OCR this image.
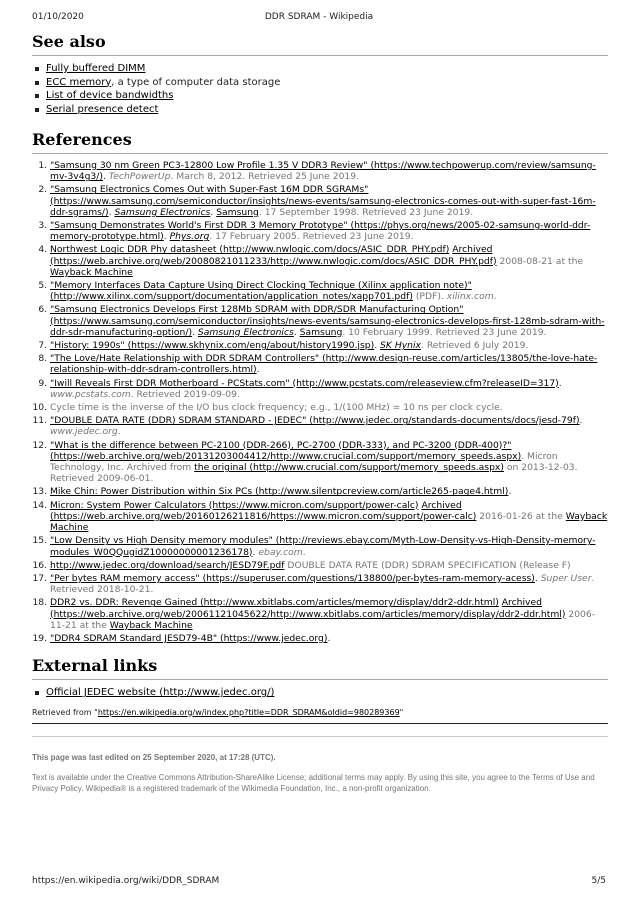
01/10/2020	DDR SDRAM - Wikipedia
See also
Fully buffered DIMM
ECC memory, a type of computer data storage
List of device bandwidths
Serial presence detect
References
1. "Samsung 30 nm Green PC3-12800 Low Profile 1.35 V DDR3 Review" (https://www.techpowerup.com/review/samsung-mv-3v4g3/). TechPowerUp. March 8, 2012. Retrieved 25 June 2019.
2. "Samsung Electronics Comes Out with Super-Fast 16M DDR SGRAMs" (https://www.samsung.com/semiconductor/insights/news-events/samsung-electronics-comes-out-with-super-fast-16m-ddr-sgrams/). Samsung Electronics. Samsung. 17 September 1998. Retrieved 23 June 2019.
3. "Samsung Demonstrates World's First DDR 3 Memory Prototype" (https://phys.org/news/2005-02-samsung-world-ddr-memory-prototype.html). Phys.org. 17 February 2005. Retrieved 23 June 2019.
4. Northwest Logic DDR Phy datasheet (http://www.nwlogic.com/docs/ASIC_DDR_PHY.pdf) Archived (https://web.archive.org/web/20080821011233/http://www.nwlogic.com/docs/ASIC_DDR_PHY.pdf) 2008-08-21 at the Wayback Machine
5. "Memory Interfaces Data Capture Using Direct Clocking Technique (Xilinx application note)" (http://www.xilinx.com/support/documentation/application_notes/xapp701.pdf) (PDF). xilinx.com.
6. "Samsung Electronics Develops First 128Mb SDRAM with DDR/SDR Manufacturing Option" (https://www.samsung.com/semiconductor/insights/news-events/samsung-electronics-develops-first-128mb-sdram-with-ddr-sdr-manufacturing-option/). Samsung Electronics. Samsung. 10 February 1999. Retrieved 23 June 2019.
7. "History: 1990s" (https://www.skhynix.com/eng/about/history1990.jsp). SK Hynix. Retrieved 6 July 2019.
8. "The Love/Hate Relationship with DDR SDRAM Controllers" (http://www.design-reuse.com/articles/13805/the-love-hate-relationship-with-ddr-sdram-controllers.html).
9. "Iwill Reveals First DDR Motherboard - PCStats.com" (http://www.pcstats.com/releaseview.cfm?releaseID=317). www.pcstats.com. Retrieved 2019-09-09.
10. Cycle time is the inverse of the I/O bus clock frequency; e.g., 1/(100 MHz) = 10 ns per clock cycle.
11. "DOUBLE DATA RATE (DDR) SDRAM STANDARD - JEDEC" (http://www.jedec.org/standards-documents/docs/jesd-79f). www.jedec.org.
12. "What is the difference between PC-2100 (DDR-266), PC-2700 (DDR-333), and PC-3200 (DDR-400)?" (https://web.archive.org/web/20131203004412/http://www.crucial.com/support/memory_speeds.aspx). Micron Technology, Inc. Archived from the original (http://www.crucial.com/support/memory_speeds.aspx) on 2013-12-03. Retrieved 2009-06-01.
13. Mike Chin: Power Distribution within Six PCs (http://www.silentpcreview.com/article265-page4.html).
14. Micron: System Power Calculators (https://www.micron.com/support/power-calc) Archived (https://web.archive.org/web/20160126211816/https://www.micron.com/support/power-calc) 2016-01-26 at the Wayback Machine
15. "Low Density vs High Density memory modules" (http://reviews.ebay.com/Myth-Low-Density-vs-High-Density-memory-modules_W0QQugidZ10000000001236178). ebay.com.
16. http://www.jedec.org/download/search/JESD79F.pdf DOUBLE DATA RATE (DDR) SDRAM SPECIFICATION (Release F)
17. "Per bytes RAM memory access" (https://superuser.com/questions/138800/per-bytes-ram-memory-acess). Super User. Retrieved 2018-10-21.
18. DDR2 vs. DDR: Revenge Gained (http://www.xbitlabs.com/articles/memory/display/ddr2-ddr.html) Archived (https://web.archive.org/web/20061121045622/http://www.xbitlabs.com/articles/memory/display/ddr2-ddr.html) 2006-11-21 at the Wayback Machine
19. "DDR4 SDRAM Standard JESD79-4B" (https://www.jedec.org).
External links
Official JEDEC website (http://www.jedec.org/)
Retrieved from "https://en.wikipedia.org/w/index.php?title=DDR_SDRAM&oldid=980289369"
This page was last edited on 25 September 2020, at 17:28 (UTC).
Text is available under the Creative Commons Attribution-ShareAlike License; additional terms may apply. By using this site, you agree to the Terms of Use and Privacy Policy. Wikipedia® is a registered trademark of the Wikimedia Foundation, Inc., a non-profit organization.
https://en.wikipedia.org/wiki/DDR_SDRAM	5/5
